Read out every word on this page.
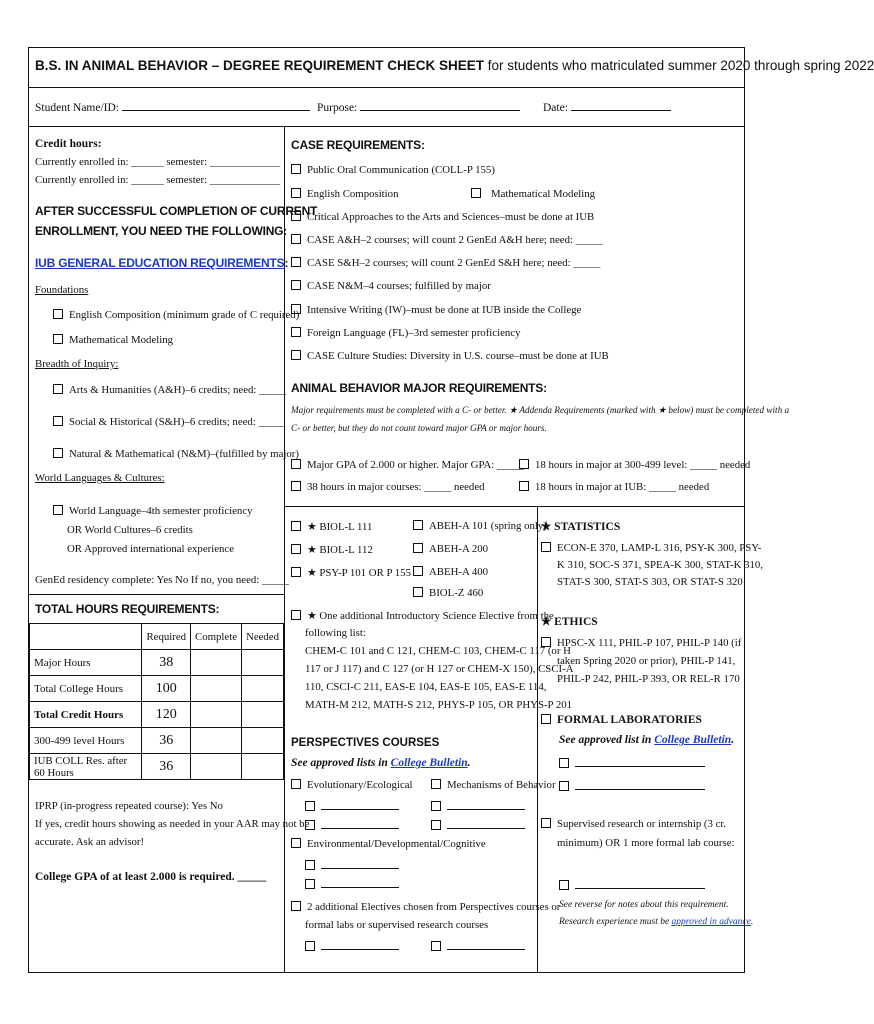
B.S. IN ANIMAL BEHAVIOR – DEGREE REQUIREMENT CHECK SHEET for students who matriculated summer 2020 through spring 2022
Student Name/ID:	Purpose:	Date:
Credit hours:
Currently enrolled in: ______ semester: _____________
Currently enrolled in: ______ semester: _____________
AFTER SUCCESSFUL COMPLETION OF CURRENT
ENROLLMENT, YOU NEED THE FOLLOWING:
IUB GENERAL EDUCATION REQUIREMENTS:
Foundations
English Composition (minimum grade of C required)
Mathematical Modeling
Breadth of Inquiry:
Arts & Humanities (A&H)–6 credits; need: _____
Social & Historical (S&H)–6 credits; need: _____
Natural & Mathematical (N&M)–(fulfilled by major)
World Languages & Cultures:
World Language–4th semester proficiency
OR World Cultures–6 credits
OR Approved international experience
GenEd residency complete: Yes No If no, you need: _____
TOTAL HOURS REQUIREMENTS:
	Required	Complete	Needed
Major Hours	38		
Total College Hours	100		
Total Credit Hours	120		
300-499 level Hours	36		
IUB COLL Res. after 60 Hours	36		
IPRP (in-progress repeated course): Yes No
If yes, credit hours showing as needed in your AAR may not be
accurate. Ask an advisor!
College GPA of at least 2.000 is required. _____
CASE REQUIREMENTS:
Public Oral Communication (COLL-P 155)
English Composition	Mathematical Modeling
Critical Approaches to the Arts and Sciences–must be done at IUB
CASE A&H–2 courses; will count 2 GenEd A&H here; need: _____
CASE S&H–2 courses; will count 2 GenEd S&H here; need: _____
CASE N&M–4 courses; fulfilled by major
Intensive Writing (IW)–must be done at IUB inside the College
Foreign Language (FL)–3rd semester proficiency
CASE Culture Studies: Diversity in U.S. course–must be done at IUB
ANIMAL BEHAVIOR MAJOR REQUIREMENTS:
Major requirements must be completed with a C- or better. ★ Addenda Requirements (marked with ★ below) must be completed with a
C- or better, but they do not count toward major GPA or major hours.
Major GPA of 2.000 or higher. Major GPA: _____	18 hours in major at 300-499 level: _____ needed
38 hours in major courses: _____ needed	18 hours in major at IUB: _____ needed
★ BIOL-L 111
★ BIOL-L 112
★ PSY-P 101 OR P 155
ABEH-A 101 (spring only)
ABEH-A 200
ABEH-A 400
BIOL-Z 460
★ STATISTICS
ECON-E 370, LAMP-L 316, PSY-K 300, PSY-
K 310, SOC-S 371, SPEA-K 300, STAT-K 310,
STAT-S 300, STAT-S 303, OR STAT-S 320
★ One additional Introductory Science Elective from the
following list:
CHEM-C 101 and C 121, CHEM-C 103, CHEM-C 117 (or H
117 or J 117) and C 127 (or H 127 or CHEM-X 150), CSCI-A
110, CSCI-C 211, EAS-E 104, EAS-E 105, EAS-E 114,
MATH-M 212, MATH-S 212, PHYS-P 105, OR PHYS-P 201
★ ETHICS
HPSC-X 111, PHIL-P 107, PHIL-P 140 (if
taken Spring 2020 or prior), PHIL-P 141,
PHIL-P 242, PHIL-P 393, OR REL-R 170
FORMAL LABORATORIES
See approved list in College Bulletin.
PERSPECTIVES COURSES
See approved lists in College Bulletin.
Evolutionary/Ecological	Mechanisms of Behavior
Environmental/Developmental/Cognitive
2 additional Electives chosen from Perspectives courses or
formal labs or supervised research courses
Supervised research or internship (3 cr.
minimum) OR 1 more formal lab course:
See reverse for notes about this requirement.
Research experience must be approved in advance.
